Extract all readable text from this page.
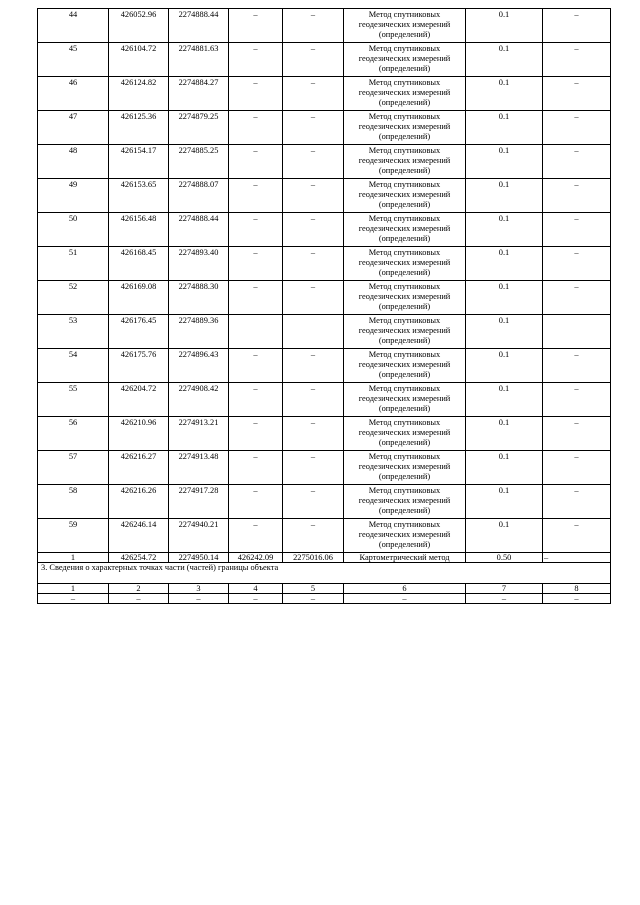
44	426052.96	2274888.44	–	–	Метод спутниковых
геодезических измерений
(определений)	0.1	–
45	426104.72	2274881.63	–	–	Метод спутниковых
геодезических измерений
(определений)	0.1	–
46	426124.82	2274884.27	–	–	Метод спутниковых
геодезических измерений
(определений)	0.1	–
47	426125.36	2274879.25	–	–	Метод спутниковых
геодезических измерений
(определений)	0.1	–
48	426154.17	2274885.25	–	–	Метод спутниковых
геодезических измерений
(определений)	0.1	–
49	426153.65	2274888.07	–	–	Метод спутниковых
геодезических измерений
(определений)	0.1	–
50	426156.48	2274888.44	–	–	Метод спутниковых
геодезических измерений
(определений)	0.1	–
51	426168.45	2274893.40	–	–	Метод спутниковых
геодезических измерений
(определений)	0.1	–
52	426169.08	2274888.30	–	–	Метод спутниковых
геодезических измерений
(определений)	0.1	–
53	426176.45	2274889.36			Метод спутниковых
геодезических измерений
(определений)	0.1	
54	426175.76	2274896.43	–	–	Метод спутниковых
геодезических измерений
(определений)	0.1	–
55	426204.72	2274908.42	–	–	Метод спутниковых
геодезических измерений
(определений)	0.1	–
56	426210.96	2274913.21	–	–	Метод спутниковых
геодезических измерений
(определений)	0.1	–
57	426216.27	2274913.48	–	–	Метод спутниковых
геодезических измерений
(определений)	0.1	–
58	426216.26	2274917.28	–	–	Метод спутниковых
геодезических измерений
(определений)	0.1	–
59	426246.14	2274940.21	–	–	Метод спутниковых
геодезических измерений
(определений)	0.1	–
1	426254.72	2274950.14	426242.09	2275016.06	Картометрический метод	0.50	–
3. Сведения о характерных точках части (частей) границы объекта							
1	2	3	4	5	6	7	8
–	–	–	–	–	–	–	–
